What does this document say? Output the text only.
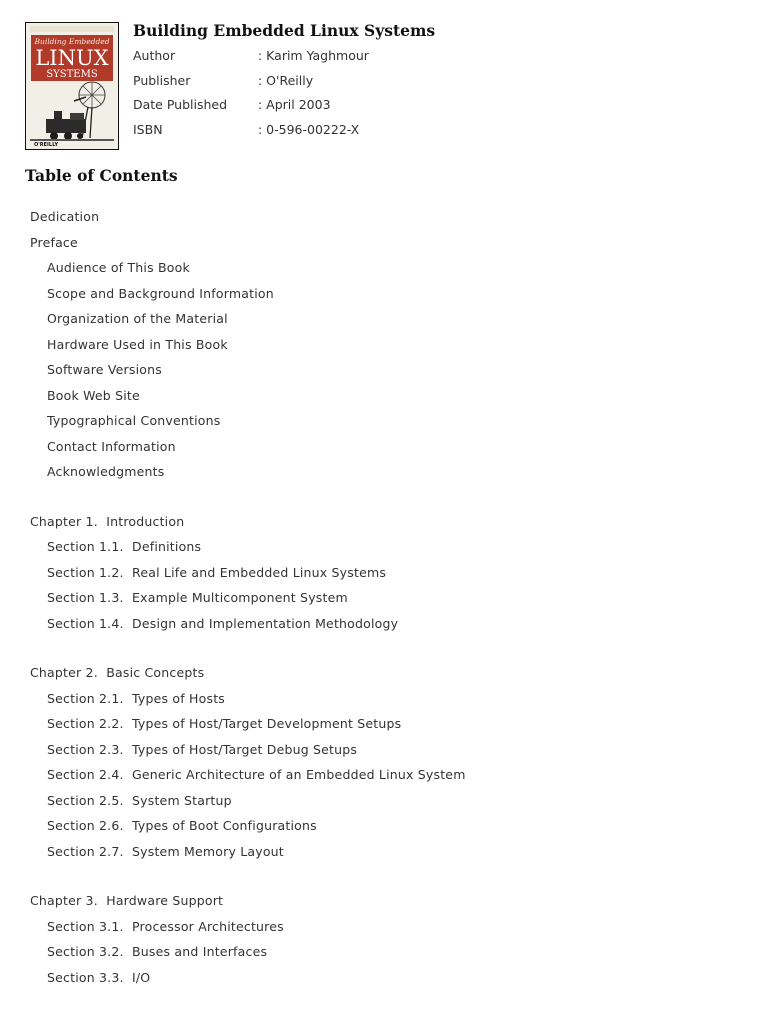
Building Embedded
LINUX
SYSTEMS
O'REILLY
Building Embedded Linux Systems
Author	: Karim Yaghmour
Publisher	: O'Reilly
Date Published : April 2003
ISBN	: 0-596-00222-X
Table of Contents
Dedication
Preface
Audience of This Book
Scope and Background Information
Organization of the Material
Hardware Used in This Book
Software Versions
Book Web Site
Typographical Conventions
Contact Information
Acknowledgments
Chapter 1.  Introduction
Section 1.1.  Definitions
Section 1.2.  Real Life and Embedded Linux Systems
Section 1.3.  Example Multicomponent System
Section 1.4.  Design and Implementation Methodology
Chapter 2.  Basic Concepts
Section 2.1.  Types of Hosts
Section 2.2.  Types of Host/Target Development Setups
Section 2.3.  Types of Host/Target Debug Setups
Section 2.4.  Generic Architecture of an Embedded Linux System
Section 2.5.  System Startup
Section 2.6.  Types of Boot Configurations
Section 2.7.  System Memory Layout
Chapter 3.  Hardware Support
Section 3.1.  Processor Architectures
Section 3.2.  Buses and Interfaces
Section 3.3.  I/O
